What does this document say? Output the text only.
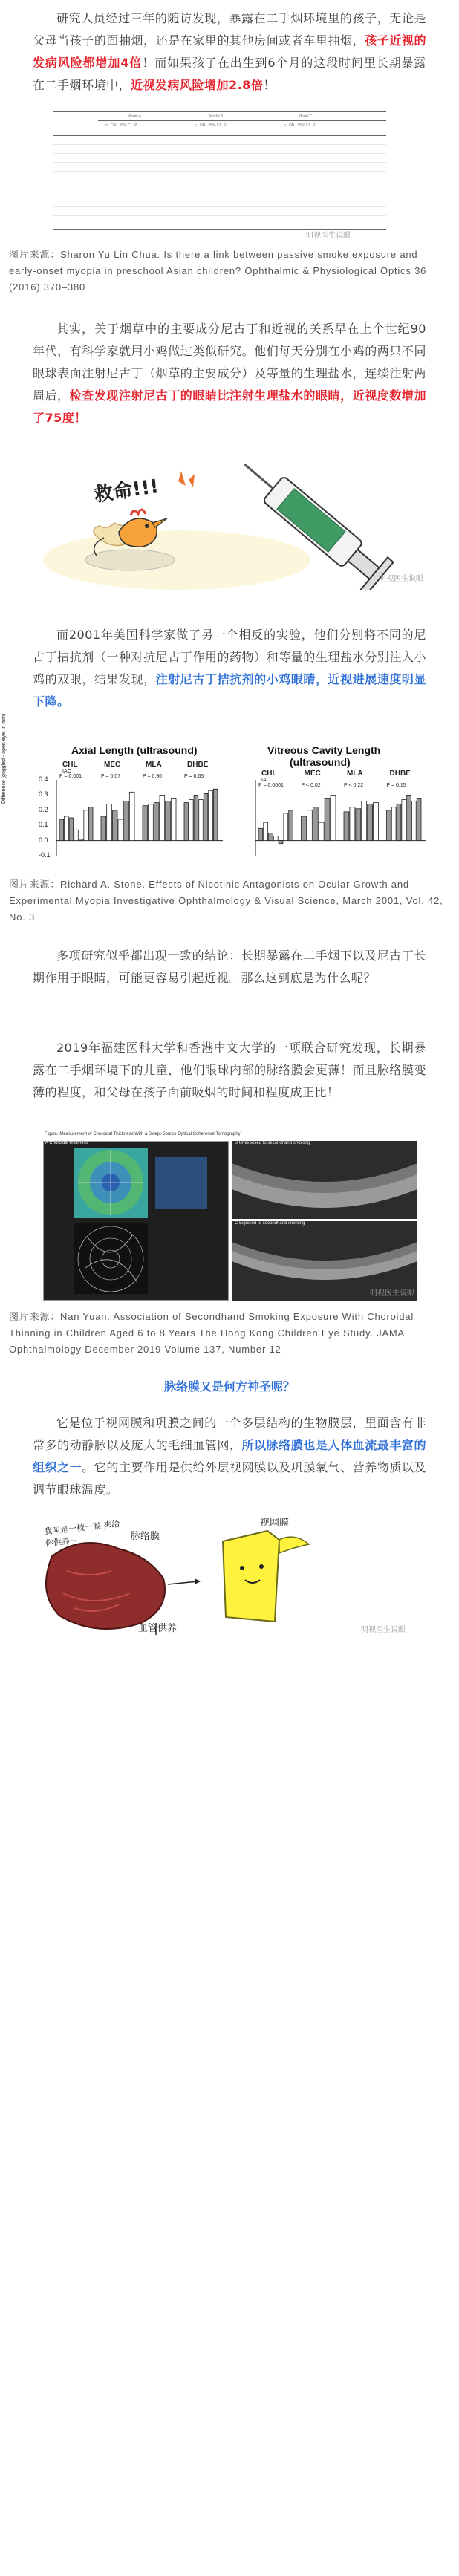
研究人员经过三年的随访发现，暴露在二手烟环境里的孩子，无论是父母当孩子的面抽烟，还是在家里的其他房间或者车里抽烟，孩子近视的发病风险都增加4倍！而如果孩子在出生到6个月的这段时间里长期暴露在二手烟环境中，近视发病风险增加2.8倍！

Model A	Model B	Model C
n   OR   95% CI   P	n   OR   95% CI   P	n   OR   95% CI   P
明视医生说眼

图片来源：Sharon Yu Lin Chua. Is there a link between passive smoke exposure and early-onset myopia in preschool Asian children? Ophthalmic & Physiological Optics 36 (2016) 370–380

其实，关于烟草中的主要成分尼古丁和近视的关系早在上个世纪90年代，有科学家就用小鸡做过类似研究。他们每天分别在小鸡的两只不同眼球表面注射尼古丁（烟草的主要成分）及等量的生理盐水，连续注射两周后，检查发现注射尼古丁的眼睛比注射生理盐水的眼睛，近视度数增加了75度！

救命!!!
明视医生说眼

而2001年美国科学家做了另一个相反的实验，他们分别将不同的尼古丁拮抗剂（一种对抗尼古丁作用的药物）和等量的生理盐水分别注入小鸡的双眼，结果发现，注射尼古丁拮抗剂的小鸡眼睛，近视进展速度明显下降。

Axial Length (ultrasound)
Difference (goggled - open eye, in mm)	CHL
IAC
P = 0.001
MEC
P = 0.07
MLA
P = 0.30
DHBE
P = 0.65
0.4
0.3
0.2
0.1
0.0
-0.1
Vitreous Cavity Length
(ultrasound)
CHL
IAC
P = 0.0001
MEC
P < 0.02
MLA
P < 0.22
DHBE
P = 0.15

图片来源：Richard A. Stone. Effects of Nicotinic Antagonists on Ocular Growth and Experimental Myopia Investigative Ophthalmology & Visual Science, March 2001, Vol. 42, No. 3

多项研究似乎都出现一致的结论：长期暴露在二手烟下以及尼古丁长期作用于眼睛，可能更容易引起近视。那么这到底是为什么呢？

2019年福建医科大学和香港中文大学的一项联合研究发现，长期暴露在二手烟环境下的儿童，他们眼球内部的脉络膜会更薄！而且脉络膜变薄的程度，和父母在孩子面前吸烟的时间和程度成正比！

Figure. Measurement of Choroidal Thickness With a Swept-Source Optical Coherence Tomography
A Choroidal thickness	B Unexposed to secondhand smoking
C Exposed to secondhand smoking
明视医生说眼

图片来源：Nan Yuan. Association of Secondhand Smoking Exposure With Choroidal Thinning in Children Aged 6 to 8 Years The Hong Kong Children Eye Study. JAMA Ophthalmology December 2019 Volume 137, Number 12

脉络膜又是何方神圣呢？

它是位于视网膜和巩膜之间的一个多层结构的生物膜层，里面含有非常多的动静脉以及庞大的毛细血管网，所以脉络膜也是人体血流最丰富的组织之一。它的主要作用是供给外层视网膜以及巩膜氧气、营养物质以及调节眼球温度。

我叫是一枝一膜 来给你供养~	脉络膜
视网膜
血管供养	明视医生说眼
